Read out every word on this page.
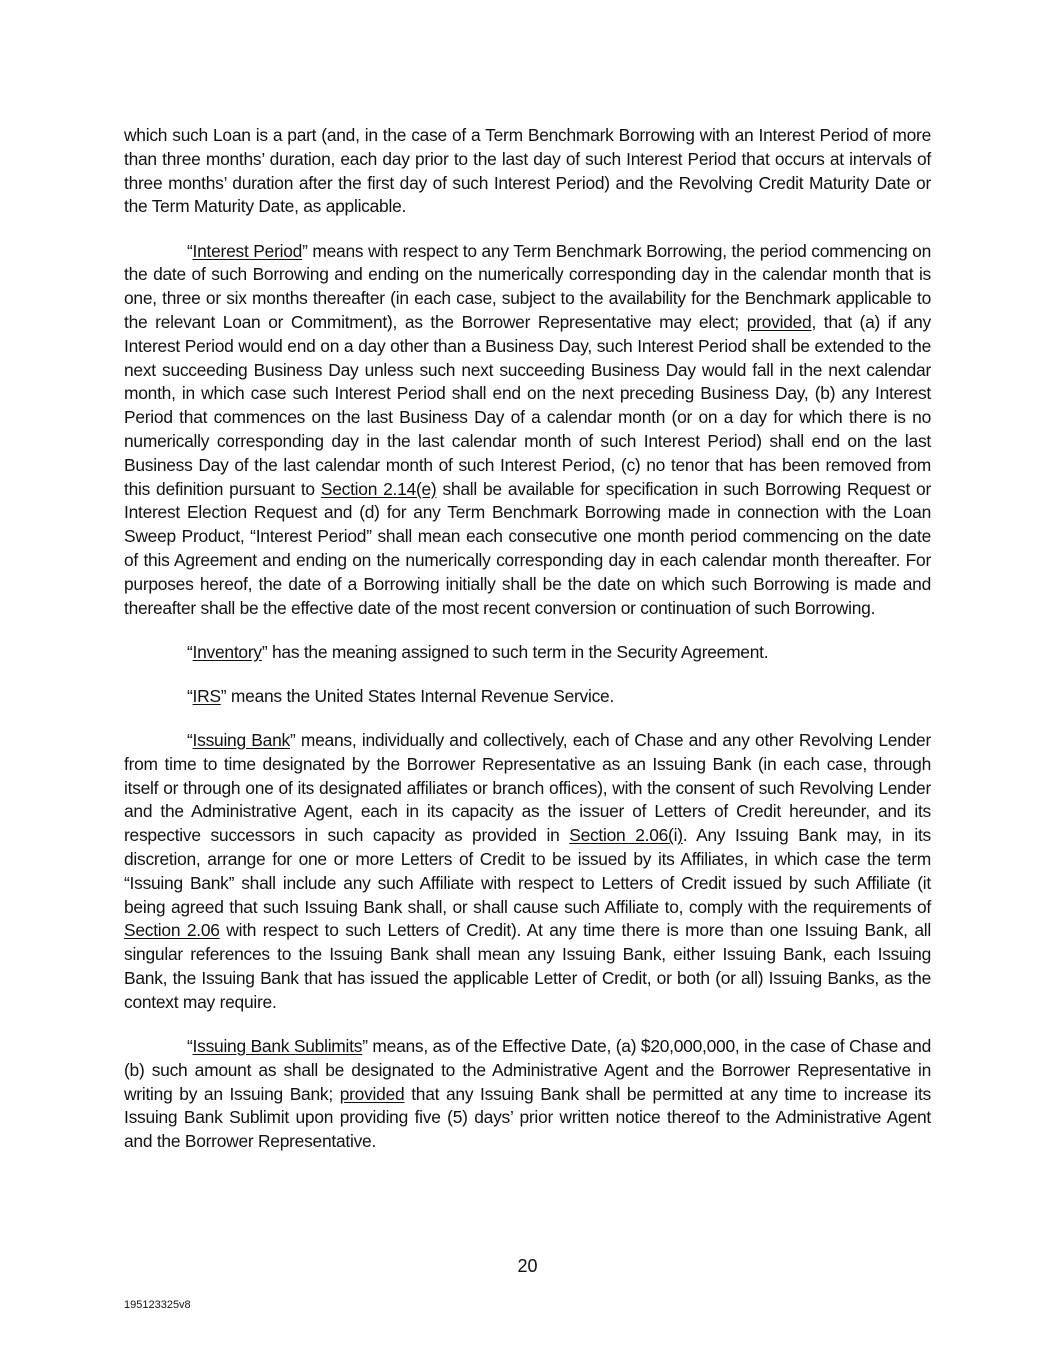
which such Loan is a part (and, in the case of a Term Benchmark Borrowing with an Interest Period of more than three months’ duration, each day prior to the last day of such Interest Period that occurs at intervals of three months’ duration after the first day of such Interest Period) and the Revolving Credit Maturity Date or the Term Maturity Date, as applicable.

“Interest Period” means with respect to any Term Benchmark Borrowing, the period commencing on the date of such Borrowing and ending on the numerically corresponding day in the calendar month that is one, three or six months thereafter (in each case, subject to the availability for the Benchmark applicable to the relevant Loan or Commitment), as the Borrower Representative may elect; provided, that (a) if any Interest Period would end on a day other than a Business Day, such Interest Period shall be extended to the next succeeding Business Day unless such next succeeding Business Day would fall in the next calendar month, in which case such Interest Period shall end on the next preceding Business Day, (b) any Interest Period that commences on the last Business Day of a calendar month (or on a day for which there is no numerically corresponding day in the last calendar month of such Interest Period) shall end on the last Business Day of the last calendar month of such Interest Period, (c) no tenor that has been removed from this definition pursuant to Section 2.14(e) shall be available for specification in such Borrowing Request or Interest Election Request and (d) for any Term Benchmark Borrowing made in connection with the Loan Sweep Product, “Interest Period” shall mean each consecutive one month period commencing on the date of this Agreement and ending on the numerically corresponding day in each calendar month thereafter. For purposes hereof, the date of a Borrowing initially shall be the date on which such Borrowing is made and thereafter shall be the effective date of the most recent conversion or continuation of such Borrowing.

“Inventory” has the meaning assigned to such term in the Security Agreement.

“IRS” means the United States Internal Revenue Service.

“Issuing Bank” means, individually and collectively, each of Chase and any other Revolving Lender from time to time designated by the Borrower Representative as an Issuing Bank (in each case, through itself or through one of its designated affiliates or branch offices), with the consent of such Revolving Lender and the Administrative Agent, each in its capacity as the issuer of Letters of Credit hereunder, and its respective successors in such capacity as provided in Section 2.06(i). Any Issuing Bank may, in its discretion, arrange for one or more Letters of Credit to be issued by its Affiliates, in which case the term “Issuing Bank” shall include any such Affiliate with respect to Letters of Credit issued by such Affiliate (it being agreed that such Issuing Bank shall, or shall cause such Affiliate to, comply with the requirements of Section 2.06 with respect to such Letters of Credit). At any time there is more than one Issuing Bank, all singular references to the Issuing Bank shall mean any Issuing Bank, either Issuing Bank, each Issuing Bank, the Issuing Bank that has issued the applicable Letter of Credit, or both (or all) Issuing Banks, as the context may require.

“Issuing Bank Sublimits” means, as of the Effective Date, (a) $20,000,000, in the case of Chase and (b) such amount as shall be designated to the Administrative Agent and the Borrower Representative in writing by an Issuing Bank; provided that any Issuing Bank shall be permitted at any time to increase its Issuing Bank Sublimit upon providing five (5) days’ prior written notice thereof to the Administrative Agent and the Borrower Representative.

20
195123325v8
